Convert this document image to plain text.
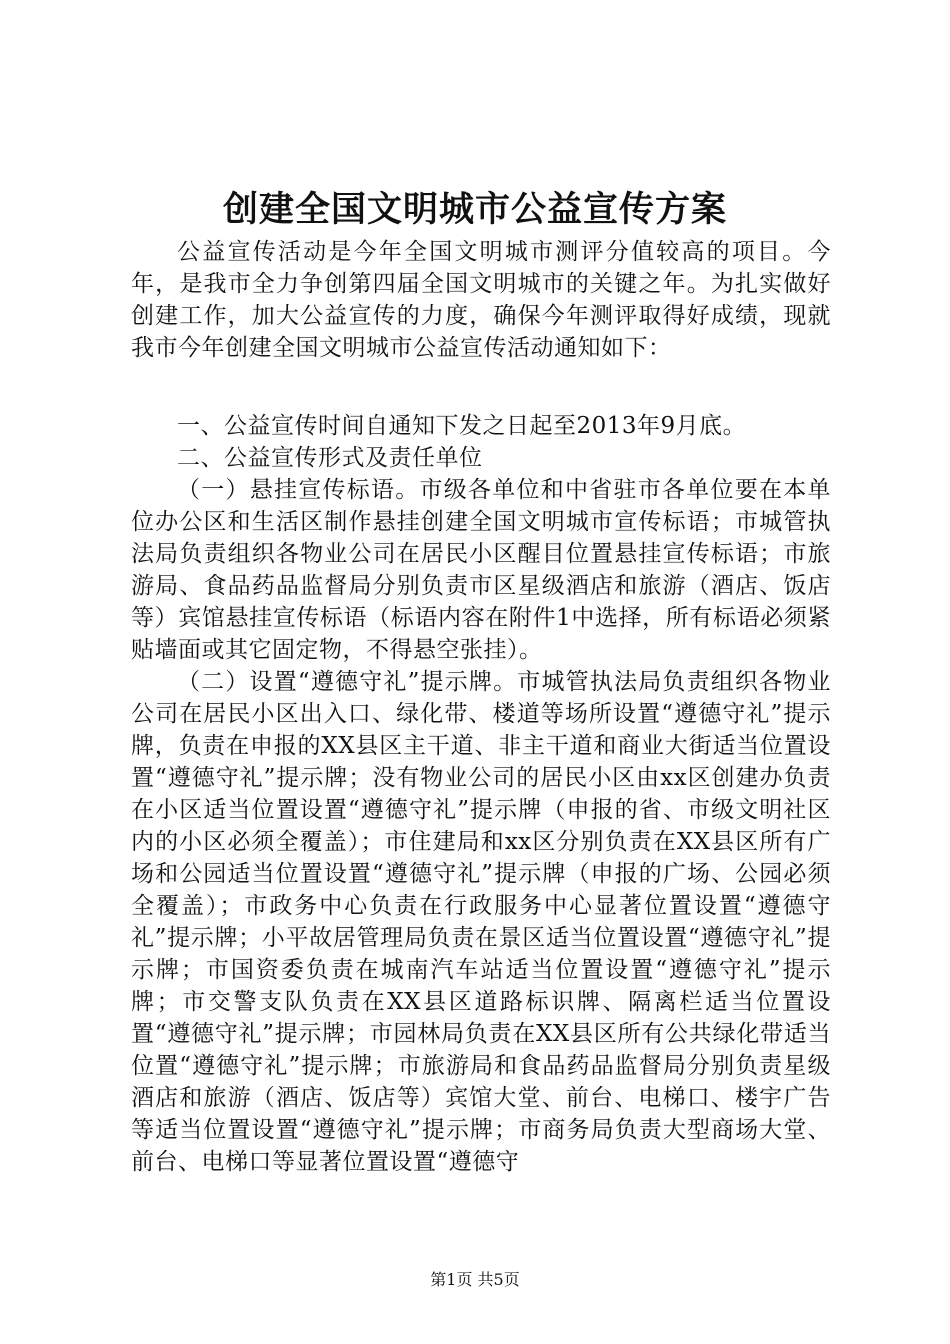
创建全国文明城市公益宣传方案

公益宣传活动是今年全国文明城市测评分值较高的项目。今年，是我市全力争创第四届全国文明城市的关键之年。为扎实做好创建工作，加大公益宣传的力度，确保今年测评取得好成绩，现就我市今年创建全国文明城市公益宣传活动通知如下：

一、公益宣传时间自通知下发之日起至2013年9月底。

二、公益宣传形式及责任单位

（一）悬挂宣传标语。市级各单位和中省驻市各单位要在本单位办公区和生活区制作悬挂创建全国文明城市宣传标语；市城管执法局负责组织各物业公司在居民小区醒目位置悬挂宣传标语；市旅游局、食品药品监督局分别负责市区星级酒店和旅游（酒店、饭店等）宾馆悬挂宣传标语（标语内容在附件1中选择，所有标语必须紧贴墙面或其它固定物，不得悬空张挂）。

（二）设置“遵德守礼”提示牌。市城管执法局负责组织各物业公司在居民小区出入口、绿化带、楼道等场所设置“遵德守礼”提示牌，负责在申报的XX县区主干道、非主干道和商业大街适当位置设置“遵德守礼”提示牌；没有物业公司的居民小区由xx区创建办负责在小区适当位置设置“遵德守礼”提示牌（申报的省、市级文明社区内的小区必须全覆盖）；市住建局和xx区分别负责在XX县区所有广场和公园适当位置设置“遵德守礼”提示牌（申报的广场、公园必须全覆盖）；市政务中心负责在行政服务中心显著位置设置“遵德守礼”提示牌；小平故居管理局负责在景区适当位置设置“遵德守礼”提示牌；市国资委负责在城南汽车站适当位置设置“遵德守礼”提示牌；市交警支队负责在XX县区道路标识牌、隔离栏适当位置设置“遵德守礼”提示牌；市园林局负责在XX县区所有公共绿化带适当位置“遵德守礼”提示牌；市旅游局和食品药品监督局分别负责星级酒店和旅游（酒店、饭店等）宾馆大堂、前台、电梯口、楼宇广告等适当位置设置“遵德守礼”提示牌；市商务局负责大型商场大堂、前台、电梯口等显著位置设置“遵德守

第1页 共5页
